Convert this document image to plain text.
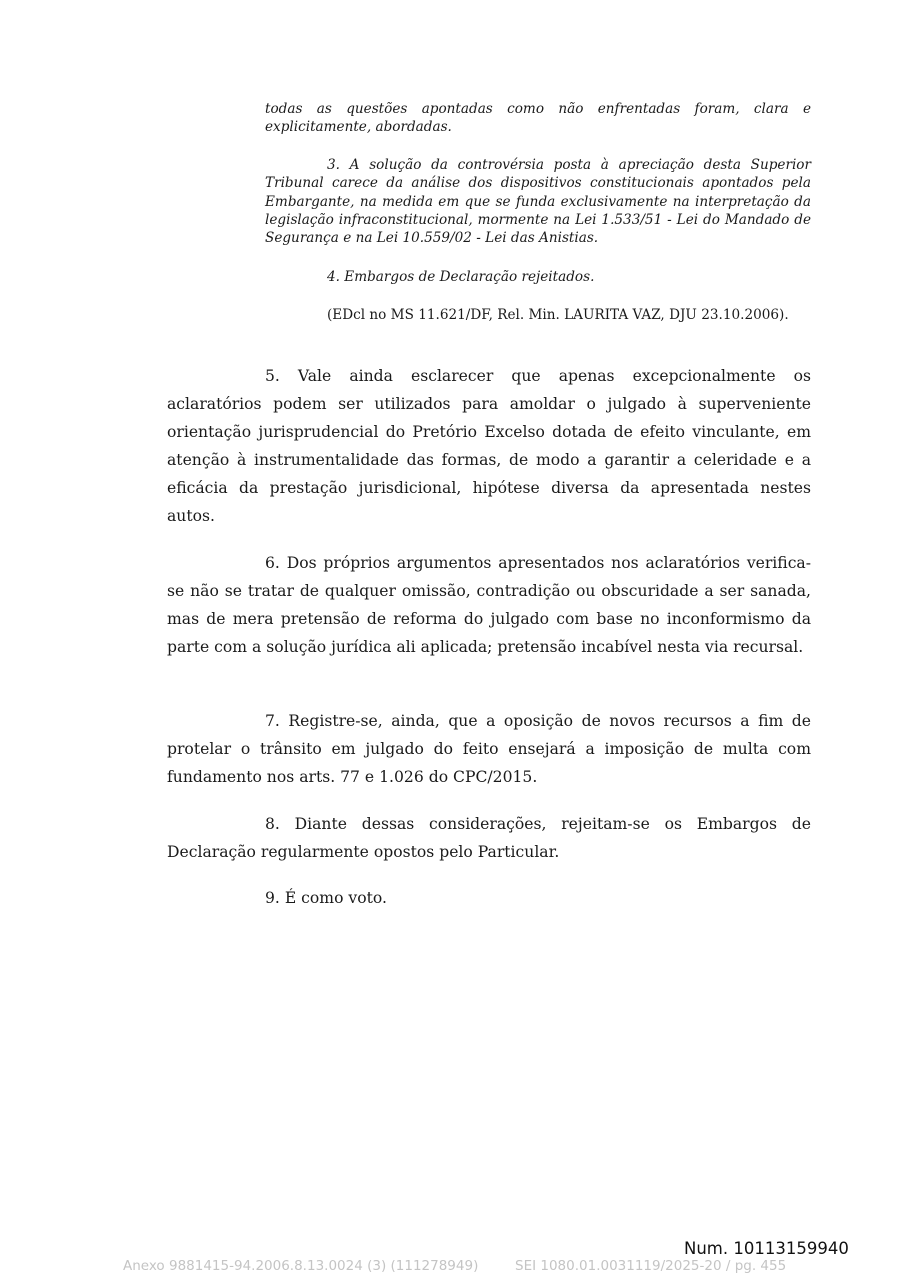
todas as questões apontadas como não enfrentadas foram, clara e explicitamente, abordadas.

3. A solução da controvérsia posta à apreciação desta Superior Tribunal carece da análise dos dispositivos constitucionais apontados pela Embargante, na medida em que se funda exclusivamente na interpretação da legislação infraconstitucional, mormente na Lei 1.533/51 - Lei do Mandado de Segurança e na Lei 10.559/02 - Lei das Anistias.

4. Embargos de Declaração rejeitados.

(EDcl no MS 11.621/DF, Rel. Min. LAURITA VAZ, DJU 23.10.2006).

5. Vale ainda esclarecer que apenas excepcionalmente os aclaratórios podem ser utilizados para amoldar o julgado à superveniente orientação jurisprudencial do Pretório Excelso dotada de efeito vinculante, em atenção à instrumentalidade das formas, de modo a garantir a celeridade e a eficácia da prestação jurisdicional, hipótese diversa da apresentada nestes autos.

6. Dos próprios argumentos apresentados nos aclaratórios verifica-se não se tratar de qualquer omissão, contradição ou obscuridade a ser sanada, mas de mera pretensão de reforma do julgado com base no inconformismo da parte com a solução jurídica ali aplicada; pretensão incabível nesta via recursal.

7. Registre-se, ainda, que a oposição de novos recursos a fim de protelar o trânsito em julgado do feito ensejará a imposição de multa com fundamento nos arts. 77 e 1.026 do CPC/2015.

8. Diante dessas considerações, rejeitam-se os Embargos de Declaração regularmente opostos pelo Particular.

9. É como voto.

Num. 10113159940
Anexo 9881415-94.2006.8.13.0024 (3) (111278949)	SEI 1080.01.0031119/2025-20 / pg. 455
